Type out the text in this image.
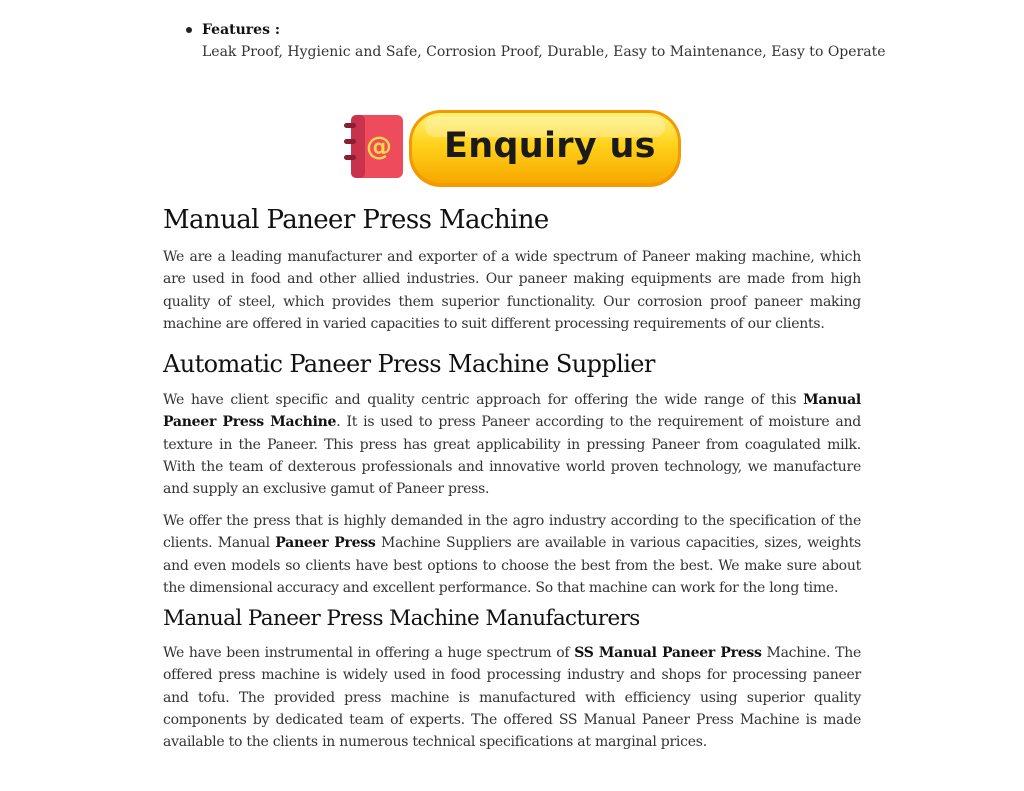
Features :
Leak Proof, Hygienic and Safe, Corrosion Proof, Durable, Easy to Maintenance, Easy to Operate
@ Enquiry us
Manual Paneer Press Machine

We are a leading manufacturer and exporter of a wide spectrum of Paneer making machine, which are used in food and other allied industries. Our paneer making equipments are made from high quality of steel, which provides them superior functionality. Our corrosion proof paneer making machine are offered in varied capacities to suit different processing requirements of our clients.

Automatic Paneer Press Machine Supplier

We have client specific and quality centric approach for offering the wide range of this Manual Paneer Press Machine. It is used to press Paneer according to the requirement of moisture and texture in the Paneer. This press has great applicability in pressing Paneer from coagulated milk. With the team of dexterous professionals and innovative world proven technology, we manufacture and supply an exclusive gamut of Paneer press.

We offer the press that is highly demanded in the agro industry according to the specification of the clients. Manual Paneer Press Machine Suppliers are available in various capacities, sizes, weights and even models so clients have best options to choose the best from the best. We make sure about the dimensional accuracy and excellent performance. So that machine can work for the long time.

Manual Paneer Press Machine Manufacturers

We have been instrumental in offering a huge spectrum of SS Manual Paneer Press Machine. The offered press machine is widely used in food processing industry and shops for processing paneer and tofu. The provided press machine is manufactured with efficiency using superior quality components by dedicated team of experts. The offered SS Manual Paneer Press Machine is made available to the clients in numerous technical specifications at marginal prices.
